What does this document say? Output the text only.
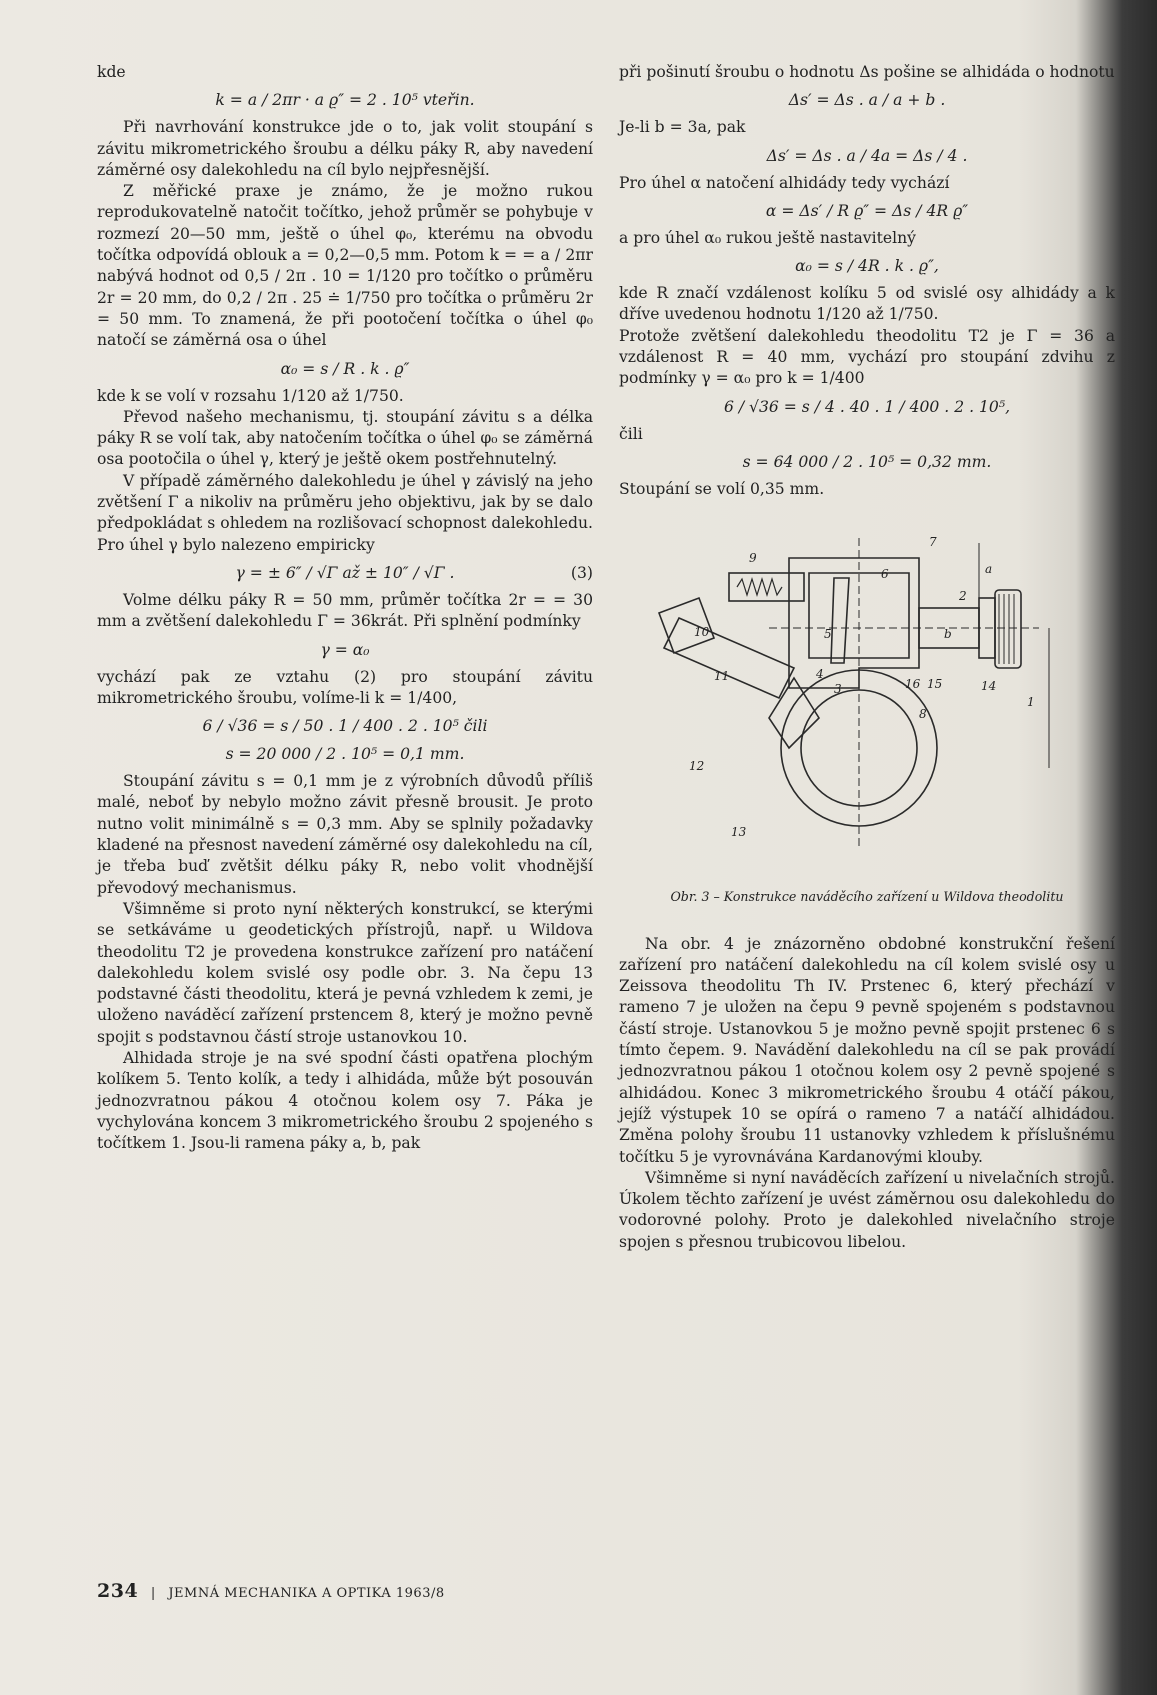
kde

k = a / 2πr · a ϱ″ = 2 . 10⁵ vteřin.

Při navrhování konstrukce jde o to, jak volit stoupání s závitu mikrometrického šroubu a délku páky R, aby navedení záměrné osy dalekohledu na cíl bylo nejpřesnější.

Z měřické praxe je známo, že je možno rukou reprodukovatelně natočit točítko, jehož průměr se pohybuje v rozmezí 20—50 mm, ještě o úhel φ₀, kterému na obvodu točítka odpovídá oblouk a = 0,2—0,5 mm. Potom k = = a / 2πr nabývá hodnot od 0,5 / 2π . 10 = 1/120 pro točítko o průměru 2r = 20 mm, do 0,2 / 2π . 25 ≐ 1/750 pro točítka o průměru 2r = 50 mm. To znamená, že při pootočení točítka o úhel φ₀ natočí se záměrná osa o úhel

α₀ = s / R . k . ϱ″

kde k se volí v rozsahu 1/120 až 1/750.

Převod našeho mechanismu, tj. stoupání závitu s a délka páky R se volí tak, aby natočením točítka o úhel φ₀ se záměrná osa pootočila o úhel γ, který je ještě okem postřehnutelný.

V případě záměrného dalekohledu je úhel γ závislý na jeho zvětšení Γ a nikoliv na průměru jeho objektivu, jak by se dalo předpokládat s ohledem na rozlišovací schopnost dalekohledu. Pro úhel γ bylo nalezeno empiricky

γ = ± 6″ / √Γ až ± 10″ / √Γ .	(3)

Volme délku páky R = 50 mm, průměr točítka 2r = = 30 mm a zvětšení dalekohledu Γ = 36krát. Při splnění podmínky

γ = α₀

vychází pak ze vztahu (2) pro stoupání závitu mikrometrického šroubu, volíme-li k = 1/400,

6 / √36 = s / 50 . 1 / 400 . 2 . 10⁵ čili
s = 20 000 / 2 . 10⁵ = 0,1 mm.

Stoupání závitu s = 0,1 mm je z výrobních důvodů příliš malé, neboť by nebylo možno závit přesně brousit. Je proto nutno volit minimálně s = 0,3 mm. Aby se splnily požadavky kladené na přesnost navedení záměrné osy dalekohledu na cíl, je třeba buď zvětšit délku páky R, nebo volit vhodnější převodový mechanismus.

Všimněme si proto nyní některých konstrukcí, se kterými se setkáváme u geodetických přístrojů, např. u Wildova theodolitu T2 je provedena konstrukce zařízení pro natáčení dalekohledu kolem svislé osy podle obr. 3. Na čepu 13 podstavné části theodolitu, která je pevná vzhledem k zemi, je uloženo naváděcí zařízení prstencem 8, který je možno pevně spojit s podstavnou částí stroje ustanovkou 10.

Alhidada stroje je na své spodní části opatřena plochým kolíkem 5. Tento kolík, a tedy i alhidáda, může být posouván jednozvratnou pákou 4 otočnou kolem osy 7. Páka je vychylována koncem 3 mikrometrického šroubu 2 spojeného s točítkem 1. Jsou-li ramena páky a, b, pak

při pošinutí šroubu o hodnotu Δs pošine se alhidáda o hodnotu

Δs′ = Δs . a / a + b .

Je-li b = 3a, pak

Δs′ = Δs . a / 4a = Δs / 4 .

Pro úhel α natočení alhidády tedy vychází

α = Δs′ / R ϱ″ = Δs / 4R ϱ″

a pro úhel α₀ rukou ještě nastavitelný

α₀ = s / 4R . k . ϱ″,

kde R značí vzdálenost kolíku 5 od svislé osy alhidády a k dříve uvedenou hodnotu 1/120 až 1/750.

Protože zvětšení dalekohledu theodolitu T2 je Γ = 36 a vzdálenost R = 40 mm, vychází pro stoupání zdvihu z podmínky γ = α₀ pro k = 1/400

6 / √36 = s / 4 . 40 . 1 / 400 . 2 . 10⁵,

čili

s = 64 000 / 2 . 10⁵ = 0,32 mm.

Stoupání se volí 0,35 mm.

7
9
6
5
a
b
2
10
3
4
11
16 15	14
1
8
12
13
Obr. 3 – Konstrukce naváděcího zařízení u Wildova theodolitu

Na obr. 4 je znázorněno obdobné konstrukční řešení zařízení pro natáčení dalekohledu na cíl kolem svislé osy u Zeissova theodolitu Th IV. Prstenec 6, který přechází v rameno 7 je uložen na čepu 9 pevně spojeném s podstavnou částí stroje. Ustanovkou 5 je možno pevně spojit prstenec 6 s tímto čepem. 9. Navádění dalekohledu na cíl se pak provádí jednozvratnou pákou 1 otočnou kolem osy 2 pevně spojené s alhidádou. Konec 3 mikrometrického šroubu 4 otáčí pákou, jejíž výstupek 10 se opírá o rameno 7 a natáčí alhidádou. Změna polohy šroubu 11 ustanovky vzhledem k příslušnému točítku 5 je vyrovnávána Kardanovými klouby.

Všimněme si nyní naváděcích zařízení u nivelačních strojů. Úkolem těchto zařízení je uvést záměrnou osu dalekohledu do vodorovné polohy. Proto je dalekohled nivelačního stroje spojen s přesnou trubicovou libelou.

234 | JEMNÁ MECHANIKA A OPTIKA 1963/8
